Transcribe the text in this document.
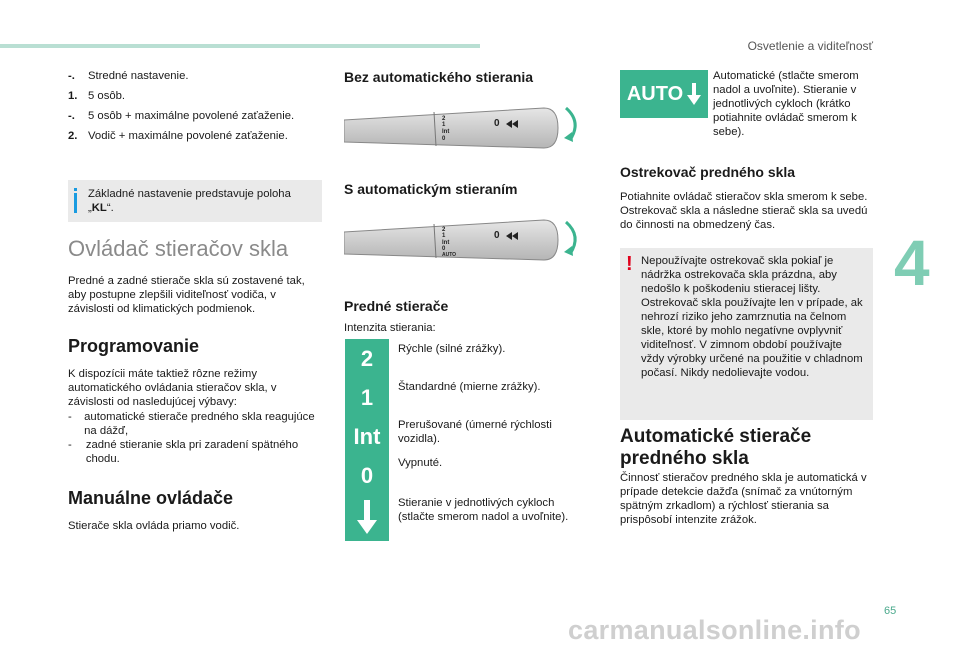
Osvetlenie a viditeľnosť
4
-.	Stredné nastavenie.
1. 5 osôb.
-.	5 osôb + maximálne povolené zaťaženie.
2. Vodič + maximálne povolené zaťaženie.
Základné nastavenie predstavuje poloha „KL“.
Ovládač stieračov skla
Predné a zadné stierače skla sú zostavené tak, aby postupne zlepšili viditeľnosť vodiča, v závislosti od klimatických podmienok.
Programovanie
K dispozícii máte taktiež rôzne režimy automatického ovládania stieračov skla, v závislosti od nasledujúcej výbavy:
-	automatické stierače predného skla reagujúce na dážď,
-	zadné stieranie skla pri zaradení spätného chodu.
Manuálne ovládače
Stierače skla ovláda priamo vodič.
Bez automatického stierania
2
1
Int
0
0
S automatickým stieraním
2
1
Int
0
AUTO
0
Predné stierače
Intenzita stierania:
2	Rýchle (silné zrážky).
1	Štandardné (mierne zrážky).
Int	Prerušované (úmerné rýchlosti vozidla).
0	Vypnuté.
Stieranie v jednotlivých cykloch (stlačte smerom nadol a uvoľnite).
AUTO
Automatické (stlačte smerom nadol a uvoľnite). Stieranie v jednotlivých cykloch (krátko potiahnite ovládač smerom k sebe).
Ostrekovač predného skla
Potiahnite ovládač stieračov skla smerom k sebe. Ostrekovač skla a následne stierač skla sa uvedú do činnosti na obmedzený čas.
! Nepoužívajte ostrekovač skla pokiaľ je nádržka ostrekovača skla prázdna, aby nedošlo k poškodeniu stieracej lišty. Ostrekovač skla používajte len v prípade, ak nehrozí riziko jeho zamrznutia na čelnom skle, ktoré by mohlo negatívne ovplyvniť viditeľnosť. V zimnom období používajte vždy výrobky určené na použitie v chladnom počasí. Nikdy nedolievajte vodou.
Automatické stierače predného skla
Činnosť stieračov predného skla je automatická v prípade detekcie dažďa (snímač za vnútorným spätným zrkadlom) a rýchlosť stierania sa prispôsobí intenzite zrážok.
65
carmanualsonline.info
